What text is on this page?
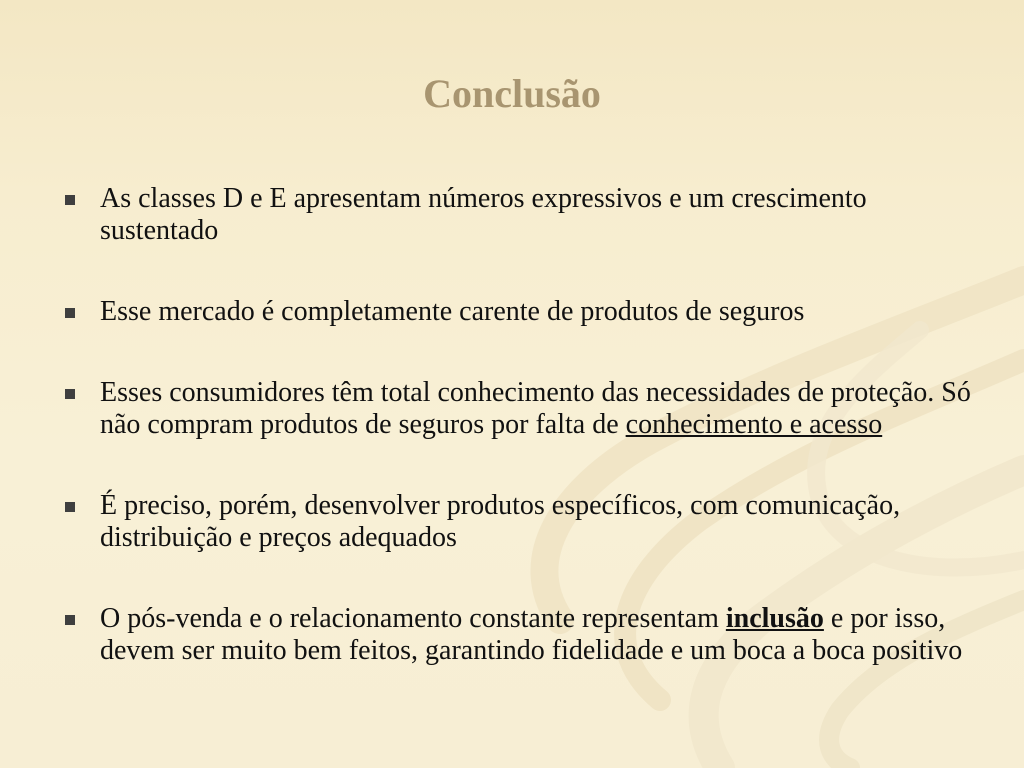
Conclusão
As classes D e E apresentam números expressivos e um crescimento sustentado
Esse mercado é completamente carente de produtos de seguros
Esses consumidores têm total conhecimento das necessidades de proteção. Só não compram produtos de seguros por falta de conhecimento e acesso
É preciso, porém, desenvolver produtos específicos, com comunicação, distribuição e preços adequados
O pós-venda e o relacionamento constante representam inclusão e por isso, devem ser muito bem feitos, garantindo fidelidade e um boca a boca positivo
